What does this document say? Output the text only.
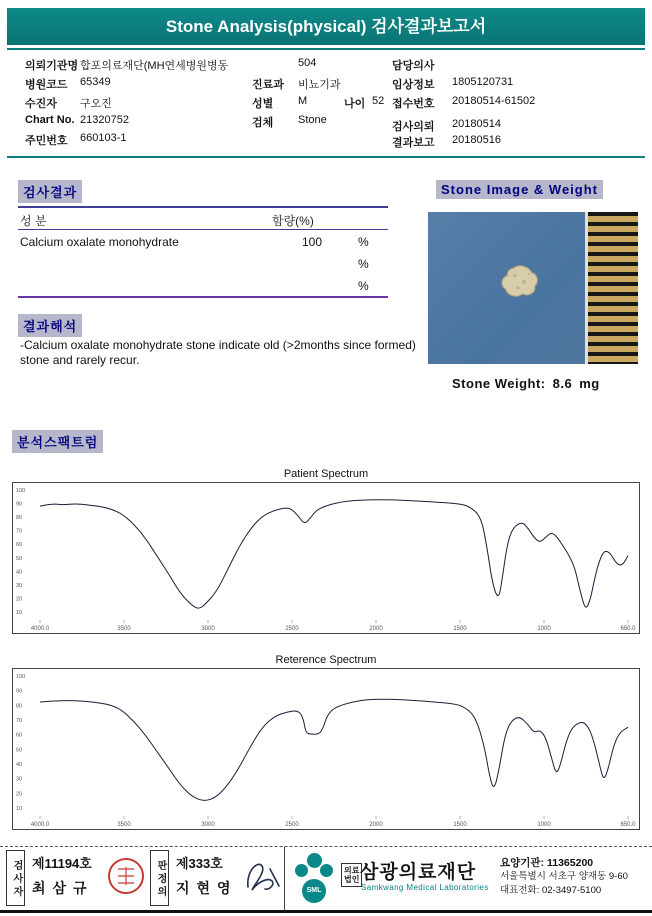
Stone Analysis(physical) 검사결과보고서
의뢰기관명 합포의료재단(MH연세병원병동	504	담당의사
병원코드 65349	진료과 비뇨기과	임상정보 1805120731
수진자 구오진	성별 M	나이 52 접수번호 20180514-61502
Chart No. 21320752	검체 Stone
검사의뢰 20180514
주민번호 660103-1	결과보고 20180516
검사결과	Stone Image & Weight
결과해석
분석스팩트럼
성 분	함량(%)
Calcium oxalate monohydrate	100	%
%
%
Stone Weight: 8.6 mg
-Calcium oxalate monohydrate stone indicate old (>2months since formed) stone and rarely recur.
Patient Spectrum
100
90
80
70
60
50
40
30
20
10
4000.0	3500	3000	2500	2000	1500	1000	650.0
Reterence Spectrum
100
90
80
70
60
50
40
30
20
10
4000.0	3500	3000	2500	2000	1500	1000	650.0
검사자 제11194호
최삼규	판정의 제333호
지현영	SML
의료
법인 삼광의료재단
Samkwang Medical Laboratories
요양기관: 11365200
서울특별시 서초구 양재동 9-60
대표전화: 02-3497-5100
